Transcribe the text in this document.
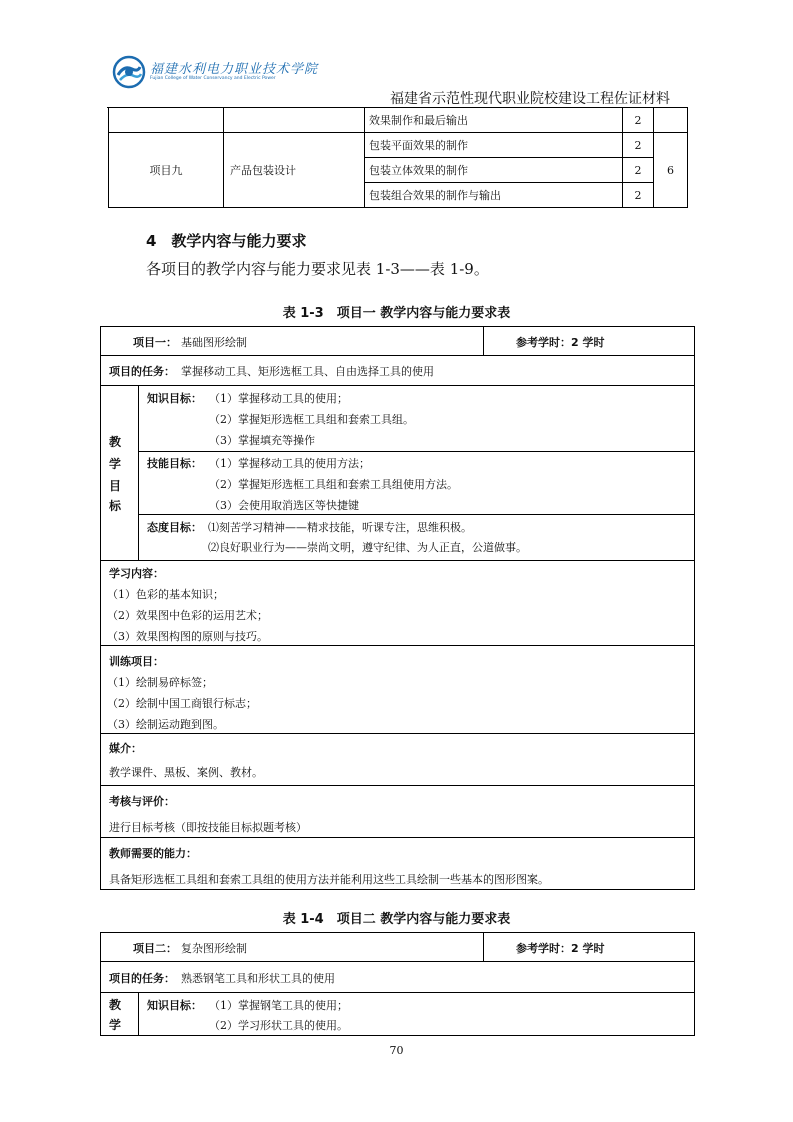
福建水利电力职业技术学院
Fujian College of Water Conservancy and Electric Power
福建省示范性现代职业院校建设工程佐证材料
		效果制作和最后输出	2	
项目九	产品包装设计	包装平面效果的制作	2	6
		包装立体效果的制作	2	
		包装组合效果的制作与输出	2	
4　教学内容与能力要求
各项目的教学内容与能力要求见表 1-3——表 1-9。
表 1-3　项目一 教学内容与能力要求表
项目一： 基础图形绘制	参考学时：2 学时
项目的任务： 掌握移动工具、矩形选框工具、自由选择工具的使用
教
学
目
标
知识目标： （1）掌握移动工具的使用；
（2）掌握矩形选框工具组和套索工具组。
（3）掌握填充等操作
技能目标： （1）掌握移动工具的使用方法；
（2）掌握矩形选框工具组和套索工具组使用方法。
（3）会使用取消选区等快捷键
态度目标： ⑴刻苦学习精神——精求技能，听课专注，思维积极。
⑵良好职业行为——崇尚文明，遵守纪律、为人正直，公道做事。
学习内容：
（1）色彩的基本知识；
（2）效果图中色彩的运用艺术；
（3）效果图构图的原则与技巧。
训练项目：
（1）绘制易碎标签；
（2）绘制中国工商银行标志；
（3）绘制运动跑到图。
媒介：
教学课件、黑板、案例、教材。
考核与评价：
进行目标考核（即按技能目标拟题考核）
教师需要的能力：
具备矩形选框工具组和套索工具组的使用方法并能利用这些工具绘制一些基本的图形图案。
表 1-4　项目二 教学内容与能力要求表
项目二： 复杂图形绘制	参考学时：2 学时
项目的任务： 熟悉钢笔工具和形状工具的使用
教
学
知识目标： （1）掌握钢笔工具的使用；
（2）学习形状工具的使用。
70
